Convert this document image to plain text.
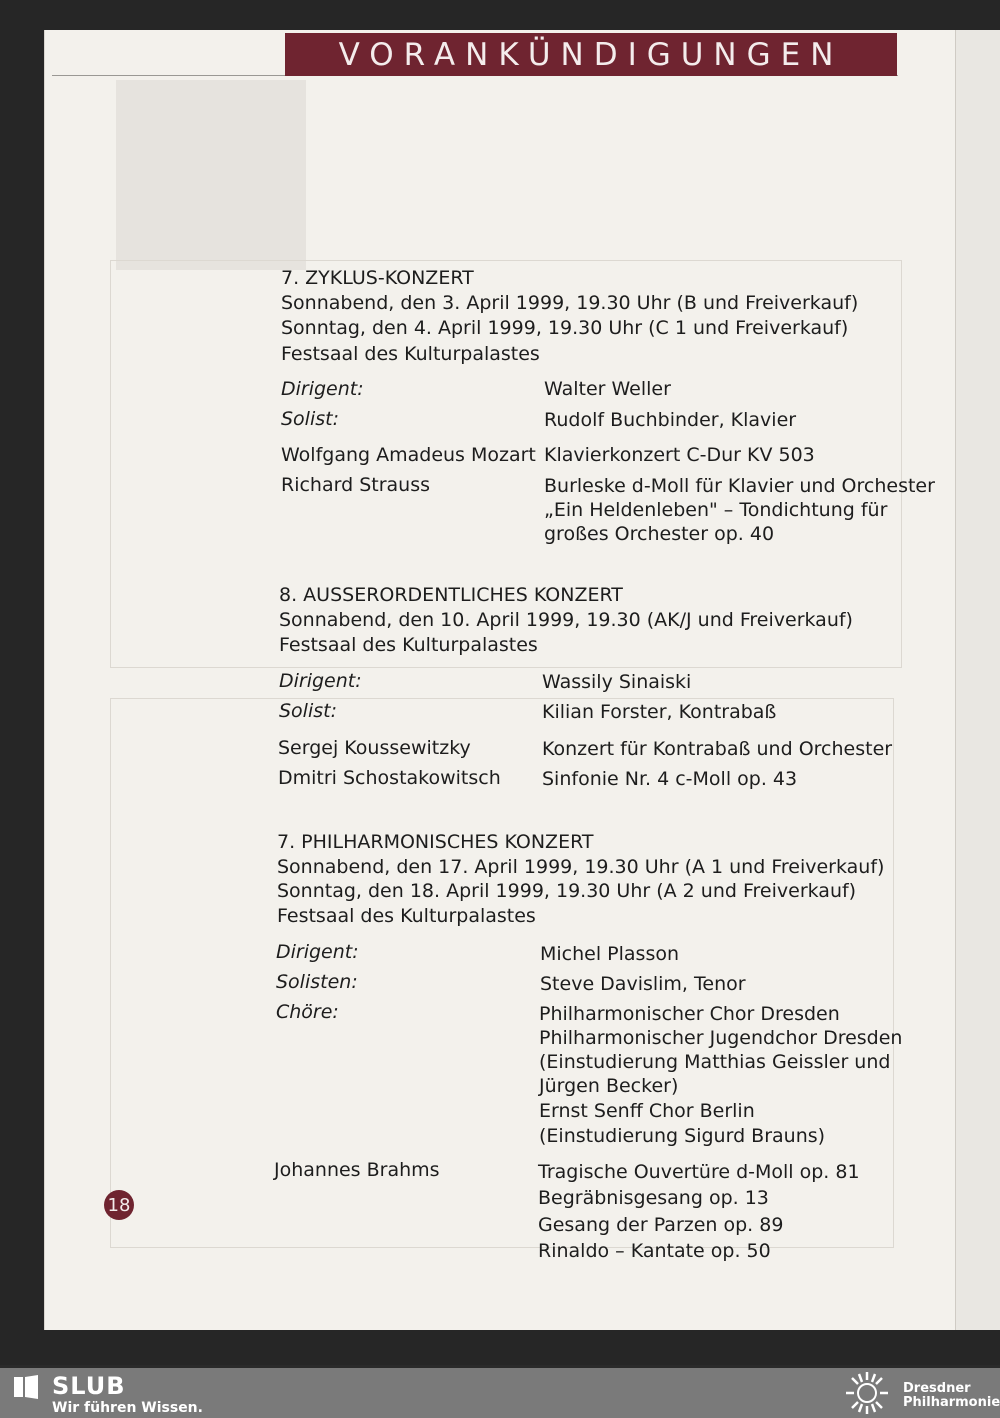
VORANKÜNDIGUNGEN
7. ZYKLUS-KONZERT
Sonnabend, den 3. April 1999, 19.30 Uhr (B und Freiverkauf)
Sonntag, den 4. April 1999, 19.30 Uhr (C 1 und Freiverkauf)
Festsaal des Kulturpalastes
Dirigent:	Walter Weller
Solist:	Rudolf Buchbinder, Klavier
Wolfgang Amadeus Mozart Klavierkonzert C-Dur KV 503
Richard Strauss	Burleske d-Moll für Klavier und Orchester
„Ein Heldenleben" – Tondichtung für
großes Orchester op. 40
8. AUSSERORDENTLICHES KONZERT
Sonnabend, den 10. April 1999, 19.30 (AK/J und Freiverkauf)
Festsaal des Kulturpalastes
Dirigent:	Wassily Sinaiski
Solist:	Kilian Forster, Kontrabaß
Sergej Koussewitzky	Konzert für Kontrabaß und Orchester
Dmitri Schostakowitsch Sinfonie Nr. 4 c-Moll op. 43
7. PHILHARMONISCHES KONZERT
Sonnabend, den 17. April 1999, 19.30 Uhr (A 1 und Freiverkauf)
Sonntag, den 18. April 1999, 19.30 Uhr (A 2 und Freiverkauf)
Festsaal des Kulturpalastes
Dirigent:	Michel Plasson
Solisten:	Steve Davislim, Tenor
Chöre:	Philharmonischer Chor Dresden
Philharmonischer Jugendchor Dresden
(Einstudierung Matthias Geissler und
Jürgen Becker)
Ernst Senff Chor Berlin
(Einstudierung Sigurd Brauns)
Johannes Brahms	Tragische Ouvertüre d-Moll op. 81
Begräbnisgesang op. 13
Gesang der Parzen op. 89
Rinaldo – Kantate op. 50
18
SLUB
Wir führen Wissen.
Dresdner
Philharmonie
